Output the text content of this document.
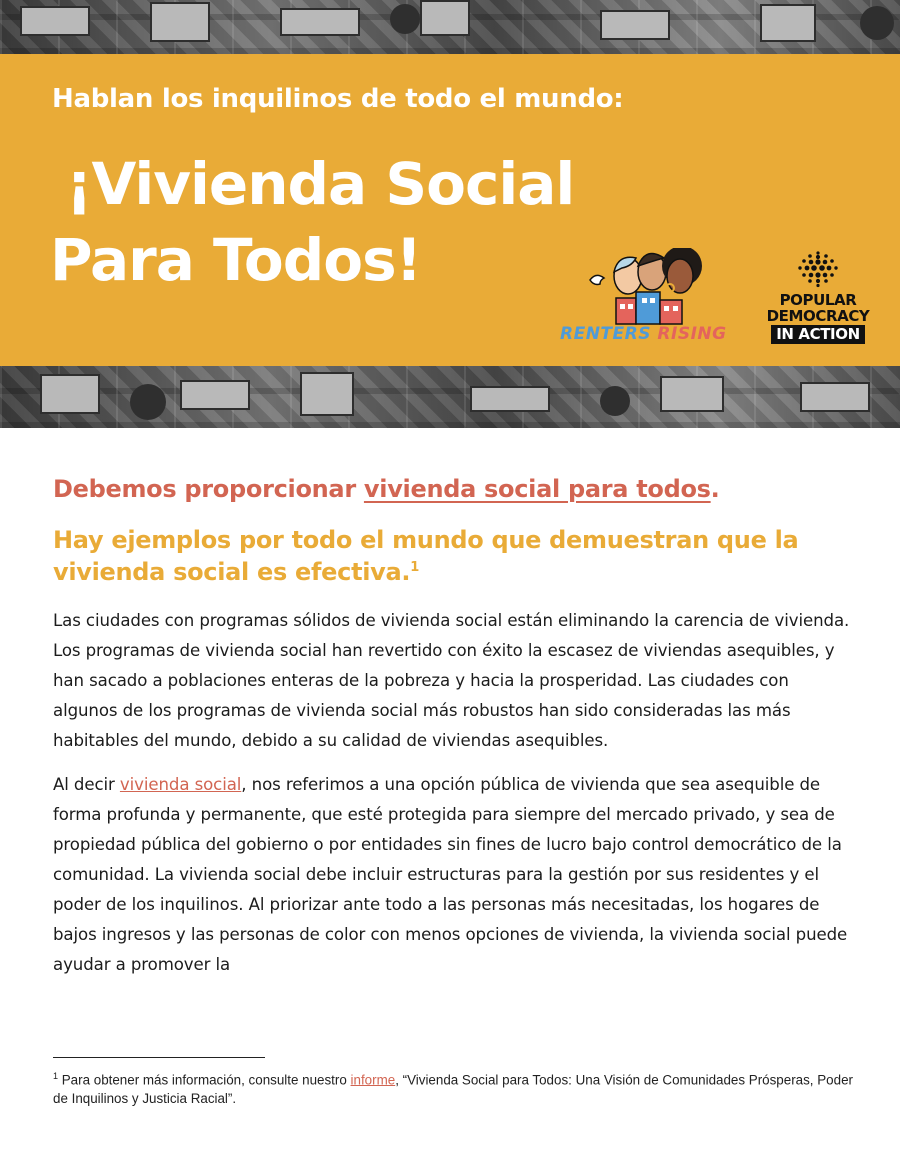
Hablan los inquilinos de todo el mundo:
¡Vivienda Social
Para Todos!
RENTERS RISING
POPULAR
DEMOCRACY
IN ACTION
Debemos proporcionar vivienda social para todos.
Hay ejemplos por todo el mundo que demuestran que la vivienda social es efectiva.$^1$

Las ciudades con programas sólidos de vivienda social están eliminando la carencia de vivienda. Los programas de vivienda social han revertido con éxito la escasez de viviendas asequibles, y han sacado a poblaciones enteras de la pobreza y hacia la prosperidad. Las ciudades con algunos de los programas de vivienda social más robustos han sido consideradas las más habitables del mundo, debido a su calidad de viviendas asequibles.

Al decir vivienda social, nos referimos a una opción pública de vivienda que sea asequible de forma profunda y permanente, que esté protegida para siempre del mercado privado, y sea de propiedad pública del gobierno o por entidades sin fines de lucro bajo control democrático de la comunidad. La vivienda social debe incluir estructuras para la gestión por sus residentes y el poder de los inquilinos. Al priorizar ante todo a las personas más necesitadas, los hogares de bajos ingresos y las personas de color con menos opciones de vivienda, la vivienda social puede ayudar a promover la

$^1$ Para obtener más información, consulte nuestro informe, “Vivienda Social para Todos: Una Visión de Comunidades Prósperas, Poder de Inquilinos y Justicia Racial”.
